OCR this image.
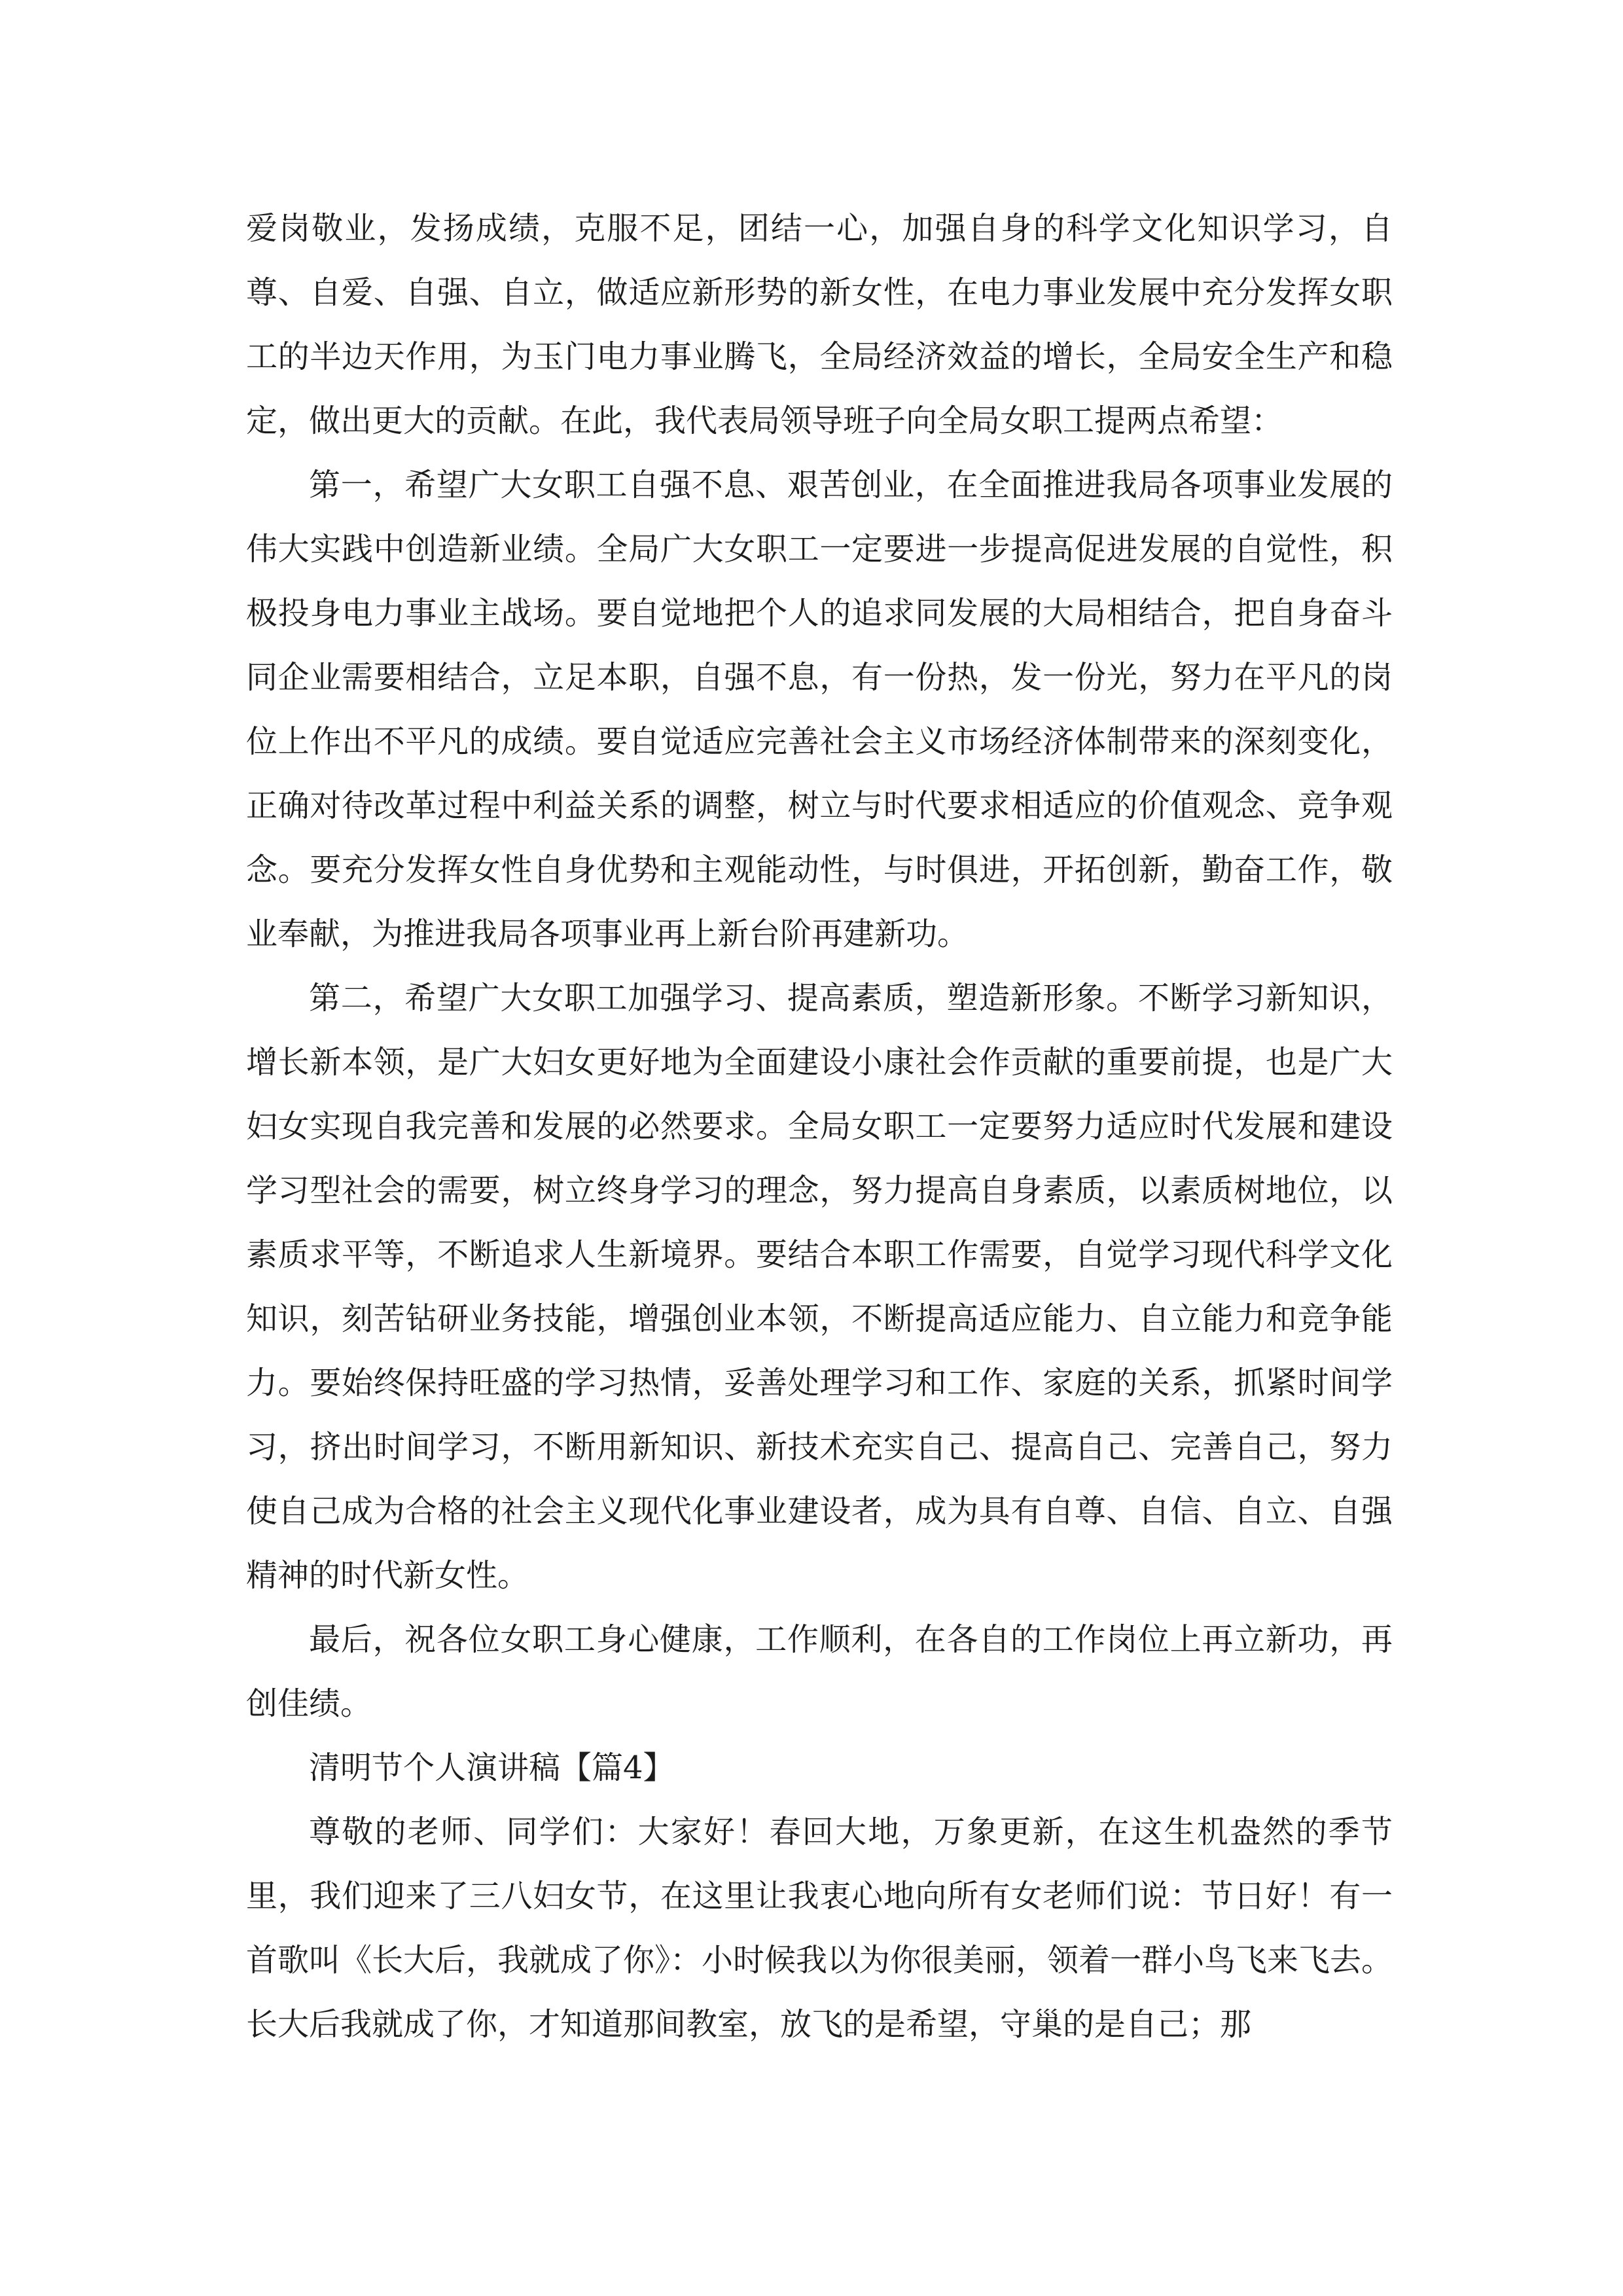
爱岗敬业，发扬成绩，克服不足，团结一心，加强自身的科学文化知识学习，自尊、自爱、自强、自立，做适应新形势的新女性，在电力事业发展中充分发挥女职工的半边天作用，为玉门电力事业腾飞，全局经济效益的增长，全局安全生产和稳定，做出更大的贡献。在此，我代表局领导班子向全局女职工提两点希望：

第一，希望广大女职工自强不息、艰苦创业，在全面推进我局各项事业发展的伟大实践中创造新业绩。全局广大女职工一定要进一步提高促进发展的自觉性，积极投身电力事业主战场。要自觉地把个人的追求同发展的大局相结合，把自身奋斗同企业需要相结合，立足本职，自强不息，有一份热，发一份光，努力在平凡的岗位上作出不平凡的成绩。要自觉适应完善社会主义市场经济体制带来的深刻变化，正确对待改革过程中利益关系的调整，树立与时代要求相适应的价值观念、竞争观念。要充分发挥女性自身优势和主观能动性，与时俱进，开拓创新，勤奋工作，敬业奉献，为推进我局各项事业再上新台阶再建新功。

第二，希望广大女职工加强学习、提高素质，塑造新形象。不断学习新知识，增长新本领，是广大妇女更好地为全面建设小康社会作贡献的重要前提，也是广大妇女实现自我完善和发展的必然要求。全局女职工一定要努力适应时代发展和建设学习型社会的需要，树立终身学习的理念，努力提高自身素质，以素质树地位，以素质求平等，不断追求人生新境界。要结合本职工作需要，自觉学习现代科学文化知识，刻苦钻研业务技能，增强创业本领，不断提高适应能力、自立能力和竞争能力。要始终保持旺盛的学习热情，妥善处理学习和工作、家庭的关系，抓紧时间学习，挤出时间学习，不断用新知识、新技术充实自己、提高自己、完善自己，努力使自己成为合格的社会主义现代化事业建设者，成为具有自尊、自信、自立、自强精神的时代新女性。

最后，祝各位女职工身心健康，工作顺利，在各自的工作岗位上再立新功，再创佳绩。

清明节个人演讲稿【篇4】

尊敬的老师、同学们：大家好！春回大地，万象更新，在这生机盎然的季节里，我们迎来了三八妇女节，在这里让我衷心地向所有女老师们说：节日好！有一首歌叫《长大后，我就成了你》：小时候我以为你很美丽，领着一群小鸟飞来飞去。长大后我就成了你，才知道那间教室，放飞的是希望，守巢的是自己；那
